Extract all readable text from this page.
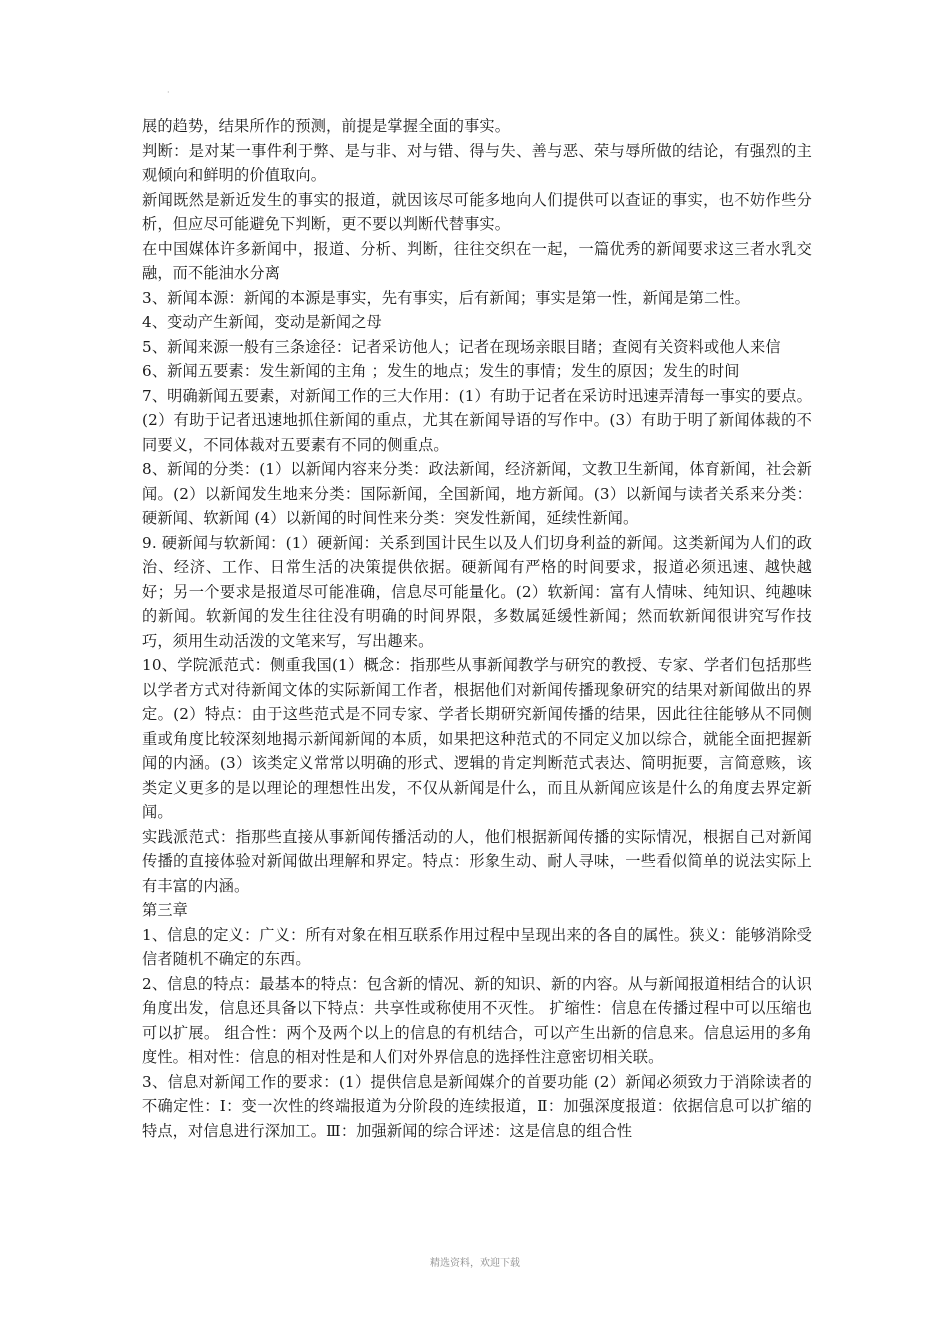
·

展的趋势，结果所作的预测，前提是掌握全面的事实。

判断：是对某一事件利于弊、是与非、对与错、得与失、善与恶、荣与辱所做的结论，有强烈的主观倾向和鲜明的价值取向。

新闻既然是新近发生的事实的报道，就因该尽可能多地向人们提供可以查证的事实，也不妨作些分析，但应尽可能避免下判断，更不要以判断代替事实。

在中国媒体许多新闻中，报道、分析、判断，往往交织在一起，一篇优秀的新闻要求这三者水乳交融，而不能油水分离

3、新闻本源：新闻的本源是事实，先有事实，后有新闻；事实是第一性，新闻是第二性。

4、变动产生新闻，变动是新闻之母

5、新闻来源一般有三条途径：记者采访他人；记者在现场亲眼目睹；查阅有关资料或他人来信

6、新闻五要素：发生新闻的主角 ；发生的地点；发生的事情；发生的原因；发生的时间

7、明确新闻五要素，对新闻工作的三大作用：(1）有助于记者在采访时迅速弄清每一事实的要点。(2）有助于记者迅速地抓住新闻的重点，尤其在新闻导语的写作中。(3）有助于明了新闻体裁的不同要义，不同体裁对五要素有不同的侧重点。

8、新闻的分类：(1）以新闻内容来分类：政法新闻，经济新闻，文教卫生新闻，体育新闻，社会新闻。(2）以新闻发生地来分类：国际新闻，全国新闻，地方新闻。(3）以新闻与读者关系来分类：硬新闻、软新闻 (4）以新闻的时间性来分类：突发性新闻，延续性新闻。

9. 硬新闻与软新闻：(1）硬新闻：关系到国计民生以及人们切身利益的新闻。这类新闻为人们的政治、经济、工作、日常生活的决策提供依据。硬新闻有严格的时间要求，报道必须迅速、越快越好；另一个要求是报道尽可能准确，信息尽可能量化。(2）软新闻：富有人情味、纯知识、纯趣味的新闻。软新闻的发生往往没有明确的时间界限，多数属延缓性新闻；然而软新闻很讲究写作技巧，须用生动活泼的文笔来写，写出趣来。

10、学院派范式：侧重我国(1）概念：指那些从事新闻教学与研究的教授、专家、学者们包括那些以学者方式对待新闻文体的实际新闻工作者，根据他们对新闻传播现象研究的结果对新闻做出的界定。(2）特点：由于这些范式是不同专家、学者长期研究新闻传播的结果，因此往往能够从不同侧重或角度比较深刻地揭示新闻新闻的本质，如果把这种范式的不同定义加以综合，就能全面把握新闻的内涵。(3）该类定义常常以明确的形式、逻辑的肯定判断范式表达、简明扼要，言简意赅，该类定义更多的是以理论的理想性出发，不仅从新闻是什么，而且从新闻应该是什么的角度去界定新闻。

实践派范式：指那些直接从事新闻传播活动的人，他们根据新闻传播的实际情况，根据自己对新闻传播的直接体验对新闻做出理解和界定。特点：形象生动、耐人寻味，一些看似简单的说法实际上有丰富的内涵。

第三章

1、信息的定义：广义：所有对象在相互联系作用过程中呈现出来的各自的属性。狭义：能够消除受信者随机不确定的东西。

2、信息的特点：最基本的特点：包含新的情况、新的知识、新的内容。从与新闻报道相结合的认识角度出发，信息还具备以下特点：共享性或称使用不灭性。 扩缩性：信息在传播过程中可以压缩也可以扩展。 组合性：两个及两个以上的信息的有机结合，可以产生出新的信息来。信息运用的多角度性。相对性：信息的相对性是和人们对外界信息的选择性注意密切相关联。

3、信息对新闻工作的要求：(1）提供信息是新闻媒介的首要功能 (2）新闻必须致力于消除读者的不确定性：Ⅰ：变一次性的终端报道为分阶段的连续报道，Ⅱ：加强深度报道：依据信息可以扩缩的特点，对信息进行深加工。Ⅲ：加强新闻的综合评述：这是信息的组合性

精选资料，欢迎下载
